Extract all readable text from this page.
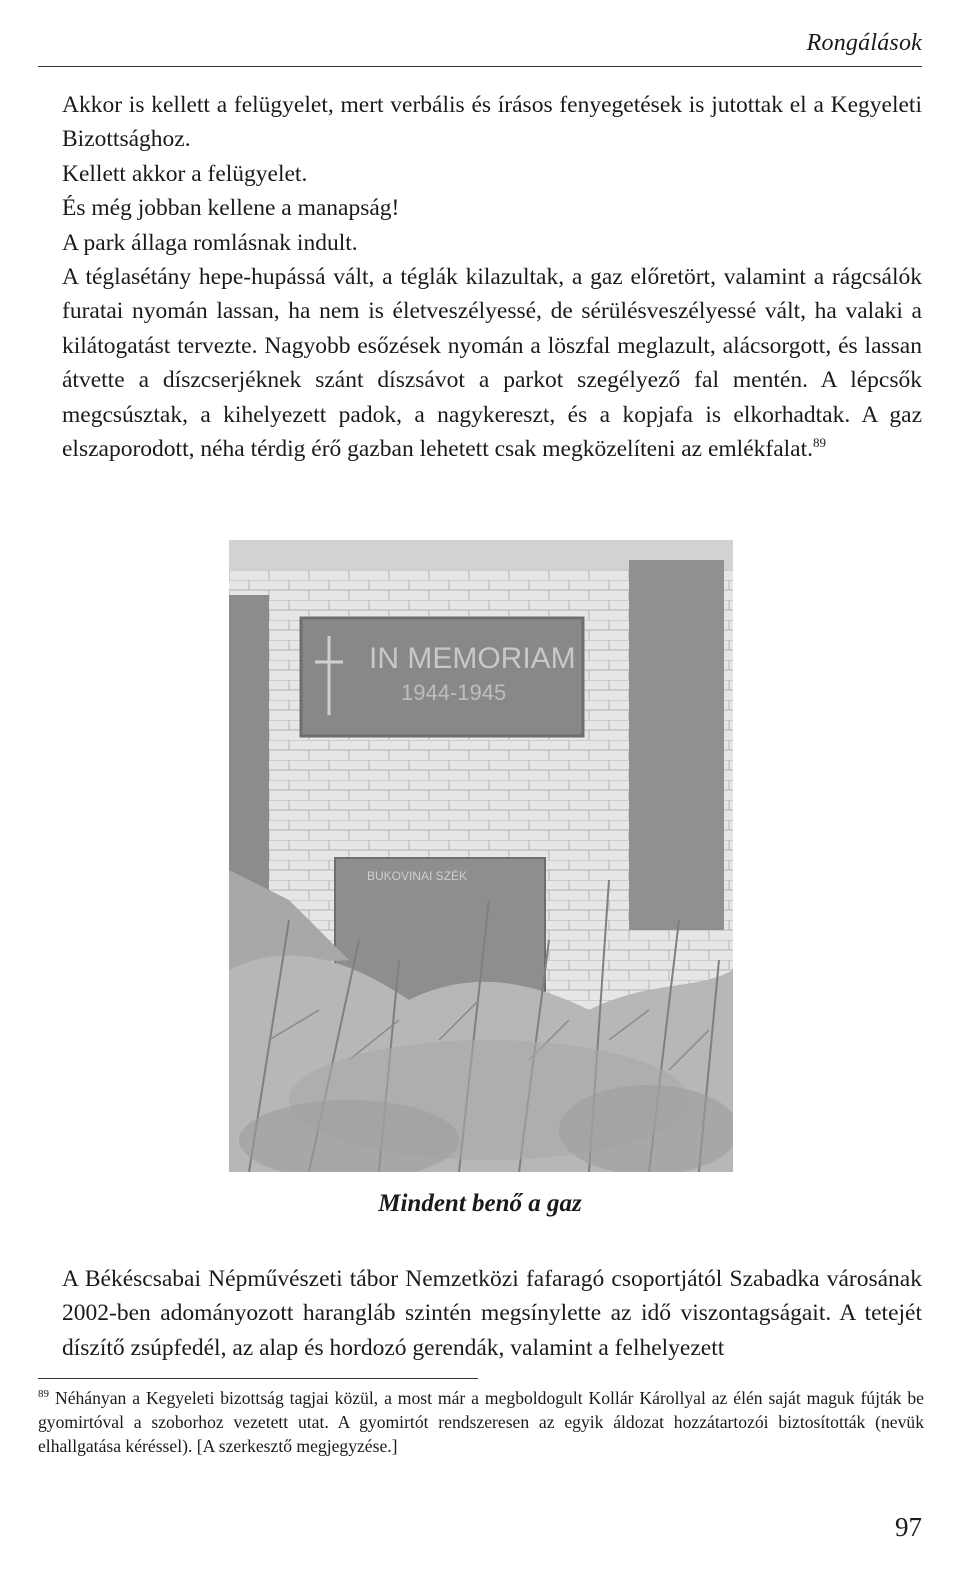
Rongálások

Akkor is kellett a felügyelet, mert verbális és írásos fenyegetések is jutottak el a Kegyeleti Bizottsághoz.

Kellett akkor a felügyelet.

És még jobban kellene a manapság!

A park állaga romlásnak indult.

A téglasétány hepe-hupássá vált, a téglák kilazultak, a gaz előretört, valamint a rágcsálók furatai nyomán lassan, ha nem is életveszélyessé, de sérülésveszélyessé vált, ha valaki a kilátogatást tervezte. Nagyobb esőzések nyomán a löszfal meglazult, alácsorgott, és lassan átvette a díszcserjéknek szánt díszsávot a parkot szegélyező fal mentén. A lépcsők megcsúsztak, a kihelyezett padok, a nagykereszt, és a kopjafa is elkorhadtak. A gaz elszaporodott, néha térdig érő gazban lehetett csak megközelíteni az emlékfalat.$^{89}$

IN MEMORIAM
1944-1945
BUKOVINAI SZÉK

Mindent benő a gaz

A Békéscsabai Népművészeti tábor Nemzetközi fafaragó csoportjától Szabadka városának 2002-ben adományozott harangláb szintén megsínylette az idő viszontagságait. A tetejét díszítő zsúpfedél, az alap és hordozó gerendák, valamint a felhelyezett

$^{89}$ Néhányan a Kegyeleti bizottság tagjai közül, a most már a megboldogult Kollár Károllyal az élén saját maguk fújták be gyomirtóval a szoborhoz vezetett utat. A gyomirtót rendszeresen az egyik áldozat hozzátartozói biztosították (nevük elhallgatása kéréssel). [A szerkesztő megjegyzése.]

97
